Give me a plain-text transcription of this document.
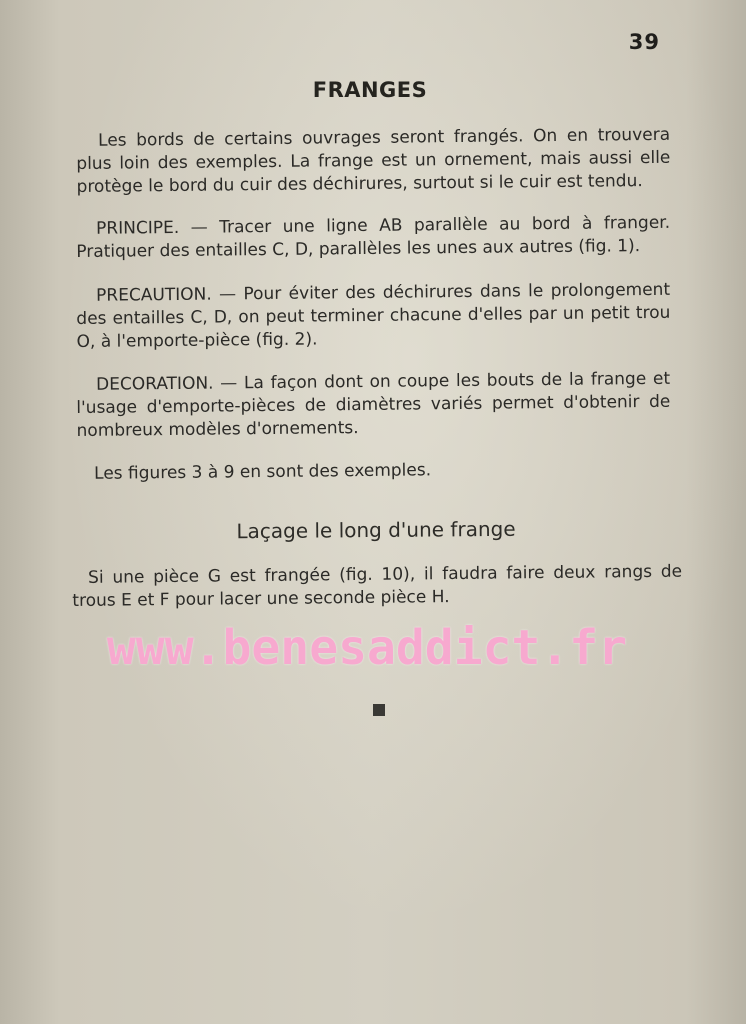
39
FRANGES

Les bords de certains ouvrages seront frangés. On en trouvera plus loin des exemples. La frange est un ornement, mais aussi elle protège le bord du cuir des déchirures, surtout si le cuir est tendu.

PRINCIPE. — Tracer une ligne AB parallèle au bord à franger. Pratiquer des entailles C, D, parallèles les unes aux autres (fig. 1).

PRECAUTION. — Pour éviter des déchirures dans le prolongement des entailles C, D, on peut terminer chacune d'elles par un petit trou O, à l'emporte-pièce (fig. 2).

DECORATION. — La façon dont on coupe les bouts de la frange et l'usage d'emporte-pièces de diamètres variés permet d'obtenir de nombreux modèles d'ornements.

Les figures 3 à 9 en sont des exemples.

Laçage le long d'une frange

Si une pièce G est frangée (fig. 10), il faudra faire deux rangs de trous E et F pour lacer une seconde pièce H.

www.benesaddict.fr
